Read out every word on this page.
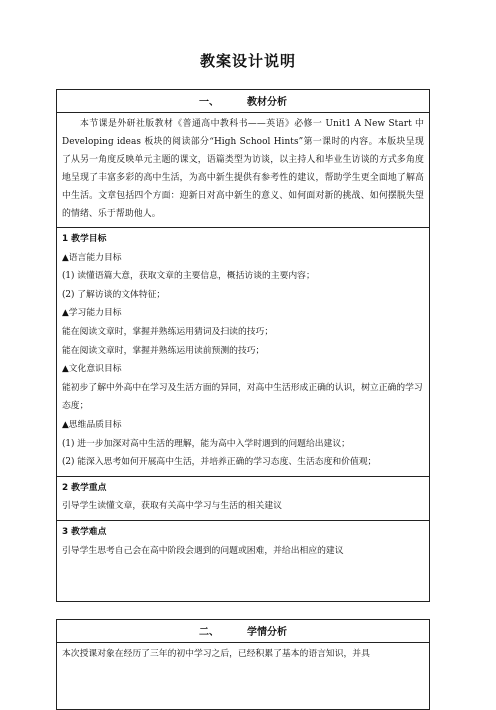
教案设计说明
一、	教材分析
本节课是外研社版教材《普通高中教科书——英语》必修一 Unit1 A New Start 中 Developing ideas 板块的阅读部分“High School Hints”第一课时的内容。本版块呈现了从另一角度反映单元主题的课文，语篇类型为访谈，以主持人和毕业生访谈的方式多角度地呈现了丰富多彩的高中生活，为高中新生提供有参考性的建议，帮助学生更全面地了解高中生活。文章包括四个方面：迎新日对高中新生的意义、如何面对新的挑战、如何摆脱失望的情绪、乐于帮助他人。

1 教学目标
▲语言能力目标
(1) 读懂语篇大意，获取文章的主要信息，概括访谈的主要内容；
(2) 了解访谈的文体特征；
▲学习能力目标
能在阅读文章时，掌握并熟练运用猜词及扫读的技巧；
能在阅读文章时，掌握并熟练运用读前预测的技巧；
▲文化意识目标
能初步了解中外高中在学习及生活方面的异同，对高中生活形成正确的认识，树立正确的学习态度；
▲思维品质目标
(1) 进一步加深对高中生活的理解，能为高中入学时遇到的问题给出建议；
(2) 能深入思考如何开展高中生活，并培养正确的学习态度、生活态度和价值观；

2 教学重点
引导学生读懂文章，获取有关高中学习与生活的相关建议

3 教学难点
引导学生思考自己会在高中阶段会遇到的问题或困难，并给出相应的建议
二、	学情分析

本次授课对象在经历了三年的初中学习之后，已经积累了基本的语言知识，并具
